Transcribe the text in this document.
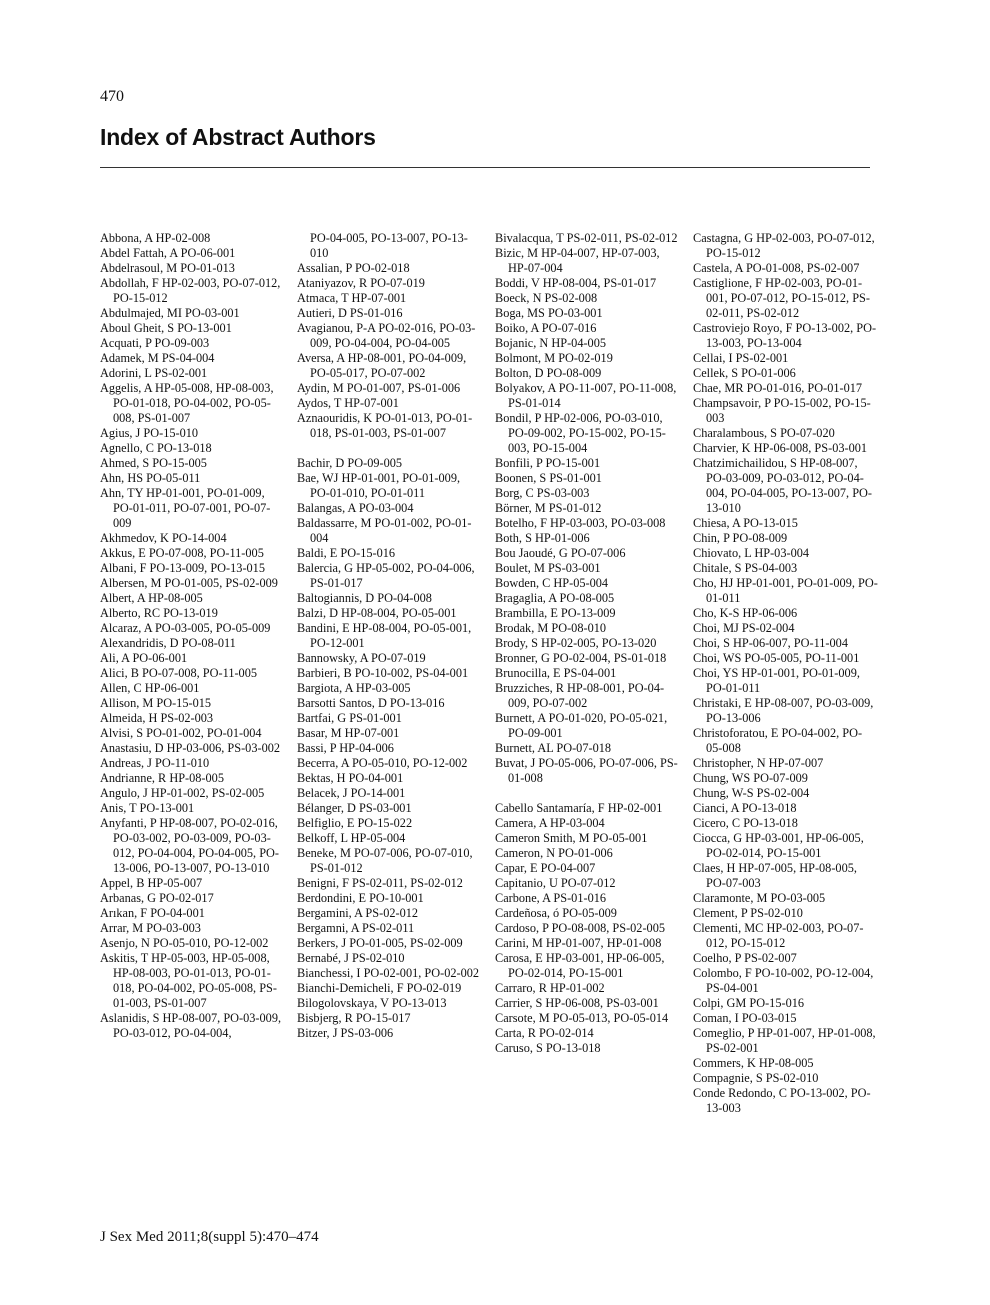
470
Index of Abstract Authors
Abbona, A HP-02-008
Abdel Fattah, A PO-06-001
Abdelrasoul, M PO-01-013
Abdollah, F HP-02-003, PO-07-012, PO-15-012
Abdulmajed, MI PO-03-001
Aboul Gheit, S PO-13-001
Acquati, P PO-09-003
Adamek, M PS-04-004
Adorini, L PS-02-001
Aggelis, A HP-05-008, HP-08-003, PO-01-018, PO-04-002, PO-05-008, PS-01-007
Agius, J PO-15-010
Agnello, C PO-13-018
Ahmed, S PO-15-005
Ahn, HS PO-05-011
Ahn, TY HP-01-001, PO-01-009, PO-01-011, PO-07-001, PO-07-009
Akhmedov, K PO-14-004
Akkus, E PO-07-008, PO-11-005
Albani, F PO-13-009, PO-13-015
Albersen, M PO-01-005, PS-02-009
Albert, A HP-08-005
Alberto, RC PO-13-019
Alcaraz, A PO-03-005, PO-05-009
Alexandridis, D PO-08-011
Ali, A PO-06-001
Alici, B PO-07-008, PO-11-005
Allen, C HP-06-001
Allison, M PO-15-015
Almeida, H PS-02-003
Alvisi, S PO-01-002, PO-01-004
Anastasiu, D HP-03-006, PS-03-002
Andreas, J PO-11-010
Andrianne, R HP-08-005
Angulo, J HP-01-002, PS-02-005
Anis, T PO-13-001
Anyfanti, P HP-08-007, PO-02-016, PO-03-002, PO-03-009, PO-03-012, PO-04-004, PO-04-005, PO-13-006, PO-13-007, PO-13-010
Appel, B HP-05-007
Arbanas, G PO-02-017
Arıkan, F PO-04-001
Arrar, M PO-03-003
Asenjo, N PO-05-010, PO-12-002
Askitis, T HP-05-003, HP-05-008, HP-08-003, PO-01-013, PO-01-018, PO-04-002, PO-05-008, PS-01-003, PS-01-007
Aslanidis, S HP-08-007, PO-03-009, PO-03-012, PO-04-004,
PO-04-005, PO-13-007, PO-13-010
Assalian, P PO-02-018
Ataniyazov, R PO-07-019
Atmaca, T HP-07-001
Autieri, D PS-01-016
Avagianou, P-A PO-02-016, PO-03-009, PO-04-004, PO-04-005
Aversa, A HP-08-001, PO-04-009, PO-05-017, PO-07-002
Aydin, M PO-01-007, PS-01-006
Aydos, T HP-07-001
Aznaouridis, K PO-01-013, PO-01-018, PS-01-003, PS-01-007
Bachir, D PO-09-005
Bae, WJ HP-01-001, PO-01-009, PO-01-010, PO-01-011
Balangas, A PO-03-004
Baldassarre, M PO-01-002, PO-01-004
Baldi, E PO-15-016
Balercia, G HP-05-002, PO-04-006, PS-01-017
Baltogiannis, D PO-04-008
Balzi, D HP-08-004, PO-05-001
Bandini, E HP-08-004, PO-05-001, PO-12-001
Bannowsky, A PO-07-019
Barbieri, B PO-10-002, PS-04-001
Bargiota, A HP-03-005
Barsotti Santos, D PO-13-016
Bartfai, G PS-01-001
Basar, M HP-07-001
Bassi, P HP-04-006
Becerra, A PO-05-010, PO-12-002
Bektas, H PO-04-001
Belacek, J PO-14-001
Bélanger, D PS-03-001
Belfiglio, E PO-15-022
Belkoff, L HP-05-004
Beneke, M PO-07-006, PO-07-010, PS-01-012
Benigni, F PS-02-011, PS-02-012
Berdondini, E PO-10-001
Bergamini, A PS-02-012
Bergamni, A PS-02-011
Berkers, J PO-01-005, PS-02-009
Bernabé, J PS-02-010
Bianchessi, I PO-02-001, PO-02-002
Bianchi-Demicheli, F PO-02-019
Bilogolovskaya, V PO-13-013
Bisbjerg, R PO-15-017
Bitzer, J PS-03-006
Bivalacqua, T PS-02-011, PS-02-012
Bizic, M HP-04-007, HP-07-003, HP-07-004
Boddi, V HP-08-004, PS-01-017
Boeck, N PS-02-008
Boga, MS PO-03-001
Boiko, A PO-07-016
Bojanic, N HP-04-005
Bolmont, M PO-02-019
Bolton, D PO-08-009
Bolyakov, A PO-11-007, PO-11-008, PS-01-014
Bondil, P HP-02-006, PO-03-010, PO-09-002, PO-15-002, PO-15-003, PO-15-004
Bonfili, P PO-15-001
Boonen, S PS-01-001
Borg, C PS-03-003
Börner, M PS-01-012
Botelho, F HP-03-003, PO-03-008
Both, S HP-01-006
Bou Jaoudé, G PO-07-006
Boulet, M PS-03-001
Bowden, C HP-05-004
Bragaglia, A PO-08-005
Brambilla, E PO-13-009
Brodak, M PO-08-010
Brody, S HP-02-005, PO-13-020
Bronner, G PO-02-004, PS-01-018
Brunocilla, E PS-04-001
Bruzziches, R HP-08-001, PO-04-009, PO-07-002
Burnett, A PO-01-020, PO-05-021, PO-09-001
Burnett, AL PO-07-018
Buvat, J PO-05-006, PO-07-006, PS-01-008
Cabello Santamaría, F HP-02-001
Camera, A HP-03-004
Cameron Smith, M PO-05-001
Cameron, N PO-01-006
Capar, E PO-04-007
Capitanio, U PO-07-012
Carbone, A PS-01-016
Cardeñosa, ó PO-05-009
Cardoso, P PO-08-008, PS-02-005
Carini, M HP-01-007, HP-01-008
Carosa, E HP-03-001, HP-06-005, PO-02-014, PO-15-001
Carraro, R HP-01-002
Carrier, S HP-06-008, PS-03-001
Carsote, M PO-05-013, PO-05-014
Carta, R PO-02-014
Caruso, S PO-13-018
Castagna, G HP-02-003, PO-07-012, PO-15-012
Castela, A PO-01-008, PS-02-007
Castiglione, F HP-02-003, PO-01-001, PO-07-012, PO-15-012, PS-02-011, PS-02-012
Castroviejo Royo, F PO-13-002, PO-13-003, PO-13-004
Cellai, I PS-02-001
Cellek, S PO-01-006
Chae, MR PO-01-016, PO-01-017
Champsavoir, P PO-15-002, PO-15-003
Charalambous, S PO-07-020
Charvier, K HP-06-008, PS-03-001
Chatzimichailidou, S HP-08-007, PO-03-009, PO-03-012, PO-04-004, PO-04-005, PO-13-007, PO-13-010
Chiesa, A PO-13-015
Chin, P PO-08-009
Chiovato, L HP-03-004
Chitale, S PS-04-003
Cho, HJ HP-01-001, PO-01-009, PO-01-011
Cho, K-S HP-06-006
Choi, MJ PS-02-004
Choi, S HP-06-007, PO-11-004
Choi, WS PO-05-005, PO-11-001
Choi, YS HP-01-001, PO-01-009, PO-01-011
Christaki, E HP-08-007, PO-03-009, PO-13-006
Christoforatou, E PO-04-002, PO-05-008
Christopher, N HP-07-007
Chung, WS PO-07-009
Chung, W-S PS-02-004
Cianci, A PO-13-018
Cicero, C PO-13-018
Ciocca, G HP-03-001, HP-06-005, PO-02-014, PO-15-001
Claes, H HP-07-005, HP-08-005, PO-07-003
Claramonte, M PO-03-005
Clement, P PS-02-010
Clementi, MC HP-02-003, PO-07-012, PO-15-012
Coelho, P PS-02-007
Colombo, F PO-10-002, PO-12-004, PS-04-001
Colpi, GM PO-15-016
Coman, I PO-03-015
Comeglio, P HP-01-007, HP-01-008, PS-02-001
Commers, K HP-08-005
Compagnie, S PS-02-010
Conde Redondo, C PO-13-002, PO-13-003
J Sex Med 2011;8(suppl 5):470–474
